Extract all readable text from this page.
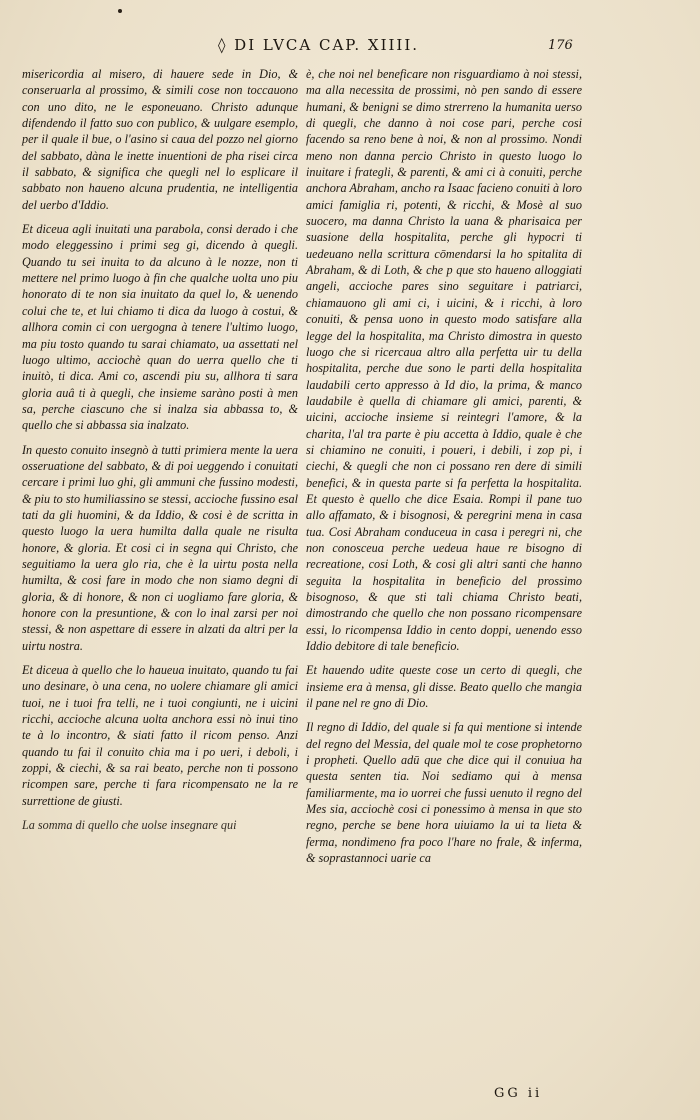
◊ DI LVCA CAP. XIIII.	176

misericordia al misero, di hauere sede in Dio, & conseruarla al prossimo, & simili cose non toccauono con uno dito, ne le esponeuano. Christo adunque difendendo il fatto suo con publico, & uulgare esemplo, per il quale il bue, o l'asino si caua del pozzo nel giorno del sabbato, dàna le inette inuentioni de pha risei circa il sabbato, & significa che quegli nel lo esplicare il sabbato non haueno alcuna prudentia, ne intelligentia del uerbo d'Iddio.

Et diceua agli inuitati una parabola, consi derado i che modo eleggessino i primi seg gi, dicendo à quegli. Quando tu sei inuita to da alcuno à le nozze, non ti mettere nel primo luogo à fin che qualche uolta uno piu honorato di te non sia inuitato da quel lo, & uenendo colui che te, et lui chiamo ti dica da luogo à costui, & allhora comin ci con uergogna à tenere l'ultimo luogo, ma piu tosto quando tu sarai chiamato, ua assettati nel luogo ultimo, acciochè quan do uerra quello che ti inuitò, ti dica. Ami co, ascendi piu su, allhora ti sara gloria auâ ti à quegli, che insieme saràno posti à men sa, perche ciascuno che si inalza sia abbassa to, & quello che si abbassa sia inalzato.

In questo conuito insegnò à tutti primiera mente la uera osseruatione del sabbato, & di poi ueggendo i conuitati cercare i primi luo ghi, gli ammuni che fussino modesti, & piu to sto humiliassino se stessi, accioche fussino esal tati da gli huomini, & da Iddio, & cosi è de scritta in questo luogo la uera humilta dalla quale ne risulta honore, & gloria. Et cosi ci in segna qui Christo, che seguitiamo la uera glo ria, che è la uirtu posta nella humilta, & cosi fare in modo che non siamo degni di gloria, & di honore, & non ci uogliamo fare gloria, & honore con la presuntione, & con lo inal zarsi per noi stessi, & non aspettare di essere in alzati da altri per la uirtu nostra.

Et diceua à quello che lo haueua inuitato, quando tu fai uno desinare, ò una cena, no uolere chiamare gli amici tuoi, ne i tuoi fra telli, ne i tuoi congiunti, ne i uicini ricchi, accioche alcuna uolta anchora essi nò inui tino te à lo incontro, & siati fatto il ricom penso. Anzi quando tu fai il conuito chia ma i po ueri, i deboli, i zoppi, & ciechi, & sa rai beato, perche non ti possono ricompen sare, perche ti fara ricompensato ne la re surrettione de giusti.

La somma di quello che uolse insegnare qui

è, che noi nel beneficare non risguardiamo à noi stessi, ma alla necessita de prossimi, nò pen sando di essere humani, & benigni se dimo strerreno la humanita uerso di quegli, che danno à noi cose pari, perche cosi facendo sa reno bene à noi, & non al prossimo. Nondi meno non danna percio Christo in questo luogo lo inuitare i frategli, & parenti, & ami ci à conuiti, perche anchora Abraham, ancho ra Isaac facieno conuiti à loro amici famiglia ri, potenti, & ricchi, & Mosè al suo suocero, ma danna Christo la uana & pharisaica per suasione della hospitalita, perche gli hypocri ti uedeuano nella scrittura cōmendarsi la ho spitalita di Abraham, & di Loth, & che p que sto haueno alloggiati angeli, accioche pares sino seguitare i patriarci, chiamauono gli ami ci, i uicini, & i ricchi, à loro conuiti, & pensa uono in questo modo satisfare alla legge del la hospitalita, ma Christo dimostra in questo luogo che si ricercaua altro alla perfetta uir tu della hospitalita, perche due sono le parti della hospitalita laudabili certo appresso à Id dio, la prima, & manco laudabile è quella di chiamare gli amici, parenti, & uicini, accioche insieme si reintegri l'amore, & la charita, l'al tra parte è piu accetta à Iddio, quale è che si chiamino ne conuiti, i poueri, i debili, i zop pi, i ciechi, & quegli che non ci possano ren dere di simili benefici, & in questa parte si fa perfetta la hospitalita. Et questo è quello che dice Esaia. Rompi il pane tuo allo affamato, & i bisognosi, & peregrini mena in casa tua. Cosi Abraham conduceua in casa i peregri ni, che non conosceua perche uedeua haue re bisogno di recreatione, cosi Loth, & cosi gli altri santi che hanno seguita la hospitalita in beneficio del prossimo bisognoso, & que sti tali chiama Christo beati, dimostrando che quello che non possano ricompensare essi, lo ricompensa Iddio in cento doppi, uenendo esso Iddio debitore di tale beneficio.

Et hauendo udite queste cose un certo di quegli, che insieme era à mensa, gli disse. Beato quello che mangia il pane nel re gno di Dio.

Il regno di Iddio, del quale si fa qui mentione si intende del regno del Messia, del quale mol te cose prophetorno i propheti. Quello adū que che dice qui il conuiua ha questa senten tia. Noi sediamo qui à mensa familiarmente, ma io uorrei che fussi uenuto il regno del Mes sia, acciochè cosi ci ponessimo à mensa in que sto regno, perche se bene hora uiuiamo la ui ta lieta & ferma, nondimeno fra poco l'hare no frale, & inferma, & soprastannoci uarie ca

GG ii
